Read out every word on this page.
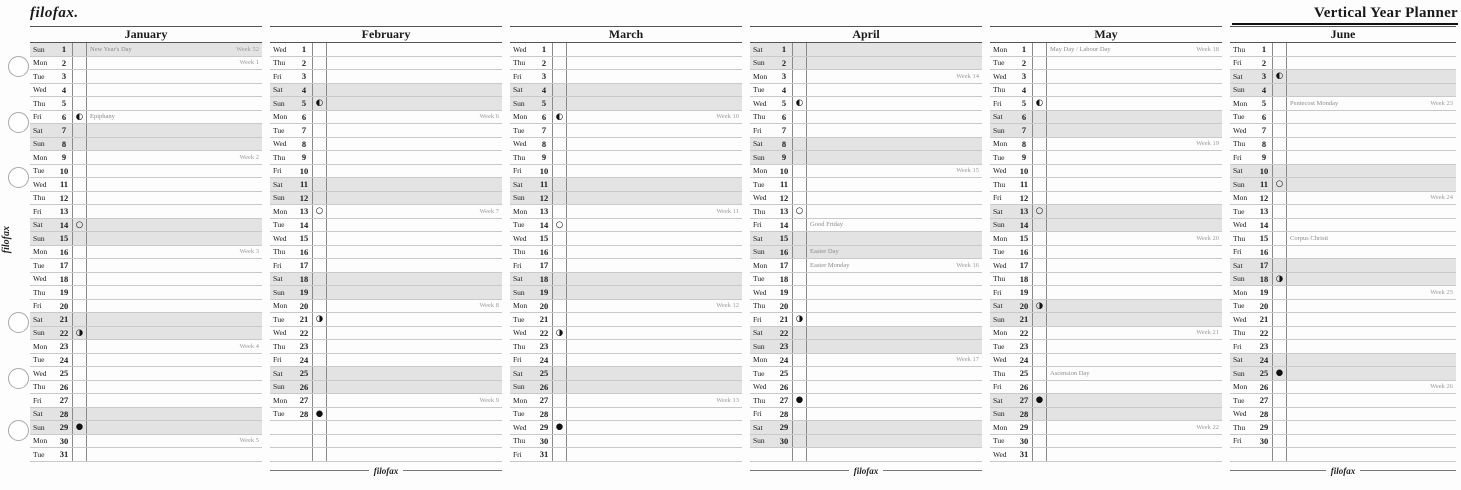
filofax.	Vertical Year Planner
filofax
January
Sun	1	New Year's Day	Week 52
Mon	2	Week 1
Tue	3
Wed	4
Thu	5
Fri	6	◐	Epiphany
Sat	7
Sun	8
Mon	9	Week 2
Tue	10
Wed	11
Thu	12
Fri	13
Sat	14 ○
Sun	15
Mon	16	Week 3
Tue	17
Wed	18
Thu	19
Fri	20
Sat	21
Sun	22 ◑
Mon	23	Week 4
Tue	24
Wed	25
Thu	26
Fri	27
Sat	28
Sun	29 ●
Mon	30	Week 5
Tue	31
February
Wed	1
Thu	2
Fri	3
Sat	4
Sun	5	◐
Mon	6	Week 6
Tue	7
Wed	8
Thu	9
Fri	10
Sat	11
Sun	12
Mon	13 ○	Week 7
Tue	14
Wed	15
Thu	16
Fri	17
Sat	18
Sun	19
Mon	20	Week 8
Tue	21 ◑
Wed	22
Thu	23
Fri	24
Sat	25
Sun	26
Mon	27	Week 9
Tue	28 ●
filofax
March
Wed	1
Thu	2
Fri	3
Sat	4
Sun	5
Mon	6	◐	Week 10
Tue	7
Wed	8
Thu	9
Fri	10
Sat	11
Sun	12
Mon	13	Week 11
Tue	14 ○
Wed	15
Thu	16
Fri	17
Sat	18
Sun	19
Mon	20	Week 12
Tue	21
Wed	22 ◑
Thu	23
Fri	24
Sat	25
Sun	26
Mon	27	Week 13
Tue	28
Wed	29 ●
Thu	30
Fri	31
April
Sat	1
Sun	2
Mon	3	Week 14
Tue	4
Wed	5	◐
Thu	6
Fri	7
Sat	8
Sun	9
Mon	10	Week 15
Tue	11
Wed	12
Thu	13 ○
Fri	14	Good Friday
Sat	15
Sun	16	Easter Day
Mon	17	Easter Monday	Week 16
Tue	18
Wed	19
Thu	20
Fri	21 ◑
Sat	22
Sun	23
Mon	24	Week 17
Tue	25
Wed	26
Thu	27 ●
Fri	28
Sat	29
Sun	30
filofax
May
Mon	1	May Day / Labour Day	Week 18
Tue	2
Wed	3
Thu	4
Fri	5	◐
Sat	6
Sun	7
Mon	8	Week 19
Tue	9
Wed	10
Thu	11
Fri	12
Sat	13 ○
Sun	14
Mon	15	Week 20
Tue	16
Wed	17
Thu	18
Fri	19
Sat	20 ◑
Sun	21
Mon	22	Week 21
Tue	23
Wed	24
Thu	25	Ascension Day
Fri	26
Sat	27 ●
Sun	28
Mon	29	Week 22
Tue	30
Wed	31
June
Thu	1
Fri	2
Sat	3	◐
Sun	4
Mon	5	Pentecost Monday	Week 23
Tue	6
Wed	7
Thu	8
Fri	9
Sat	10
Sun	11 ○
Mon	12	Week 24
Tue	13
Wed	14
Thu	15	Corpus Christi
Fri	16
Sat	17
Sun	18 ◑
Mon	19	Week 25
Tue	20
Wed	21
Thu	22
Fri	23
Sat	24
Sun	25 ●
Mon	26	Week 26
Tue	27
Wed	28
Thu	29
Fri	30
filofax
